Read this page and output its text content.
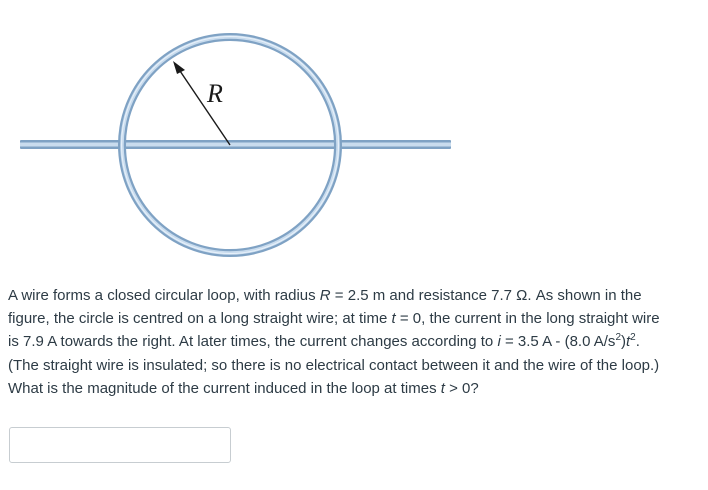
R
A wire forms a closed circular loop, with radius R = 2.5 m and resistance 7.7 Ω. As shown in the
figure, the circle is centred on a long straight wire; at time t = 0, the current in the long straight wire
is 7.9 A towards the right. At later times, the current changes according to i = 3.5 A - (8.0 $A/s^2)t^2$.
(The straight wire is insulated; so there is no electrical contact between it and the wire of the loop.)
What is the magnitude of the current induced in the loop at times t > 0?
